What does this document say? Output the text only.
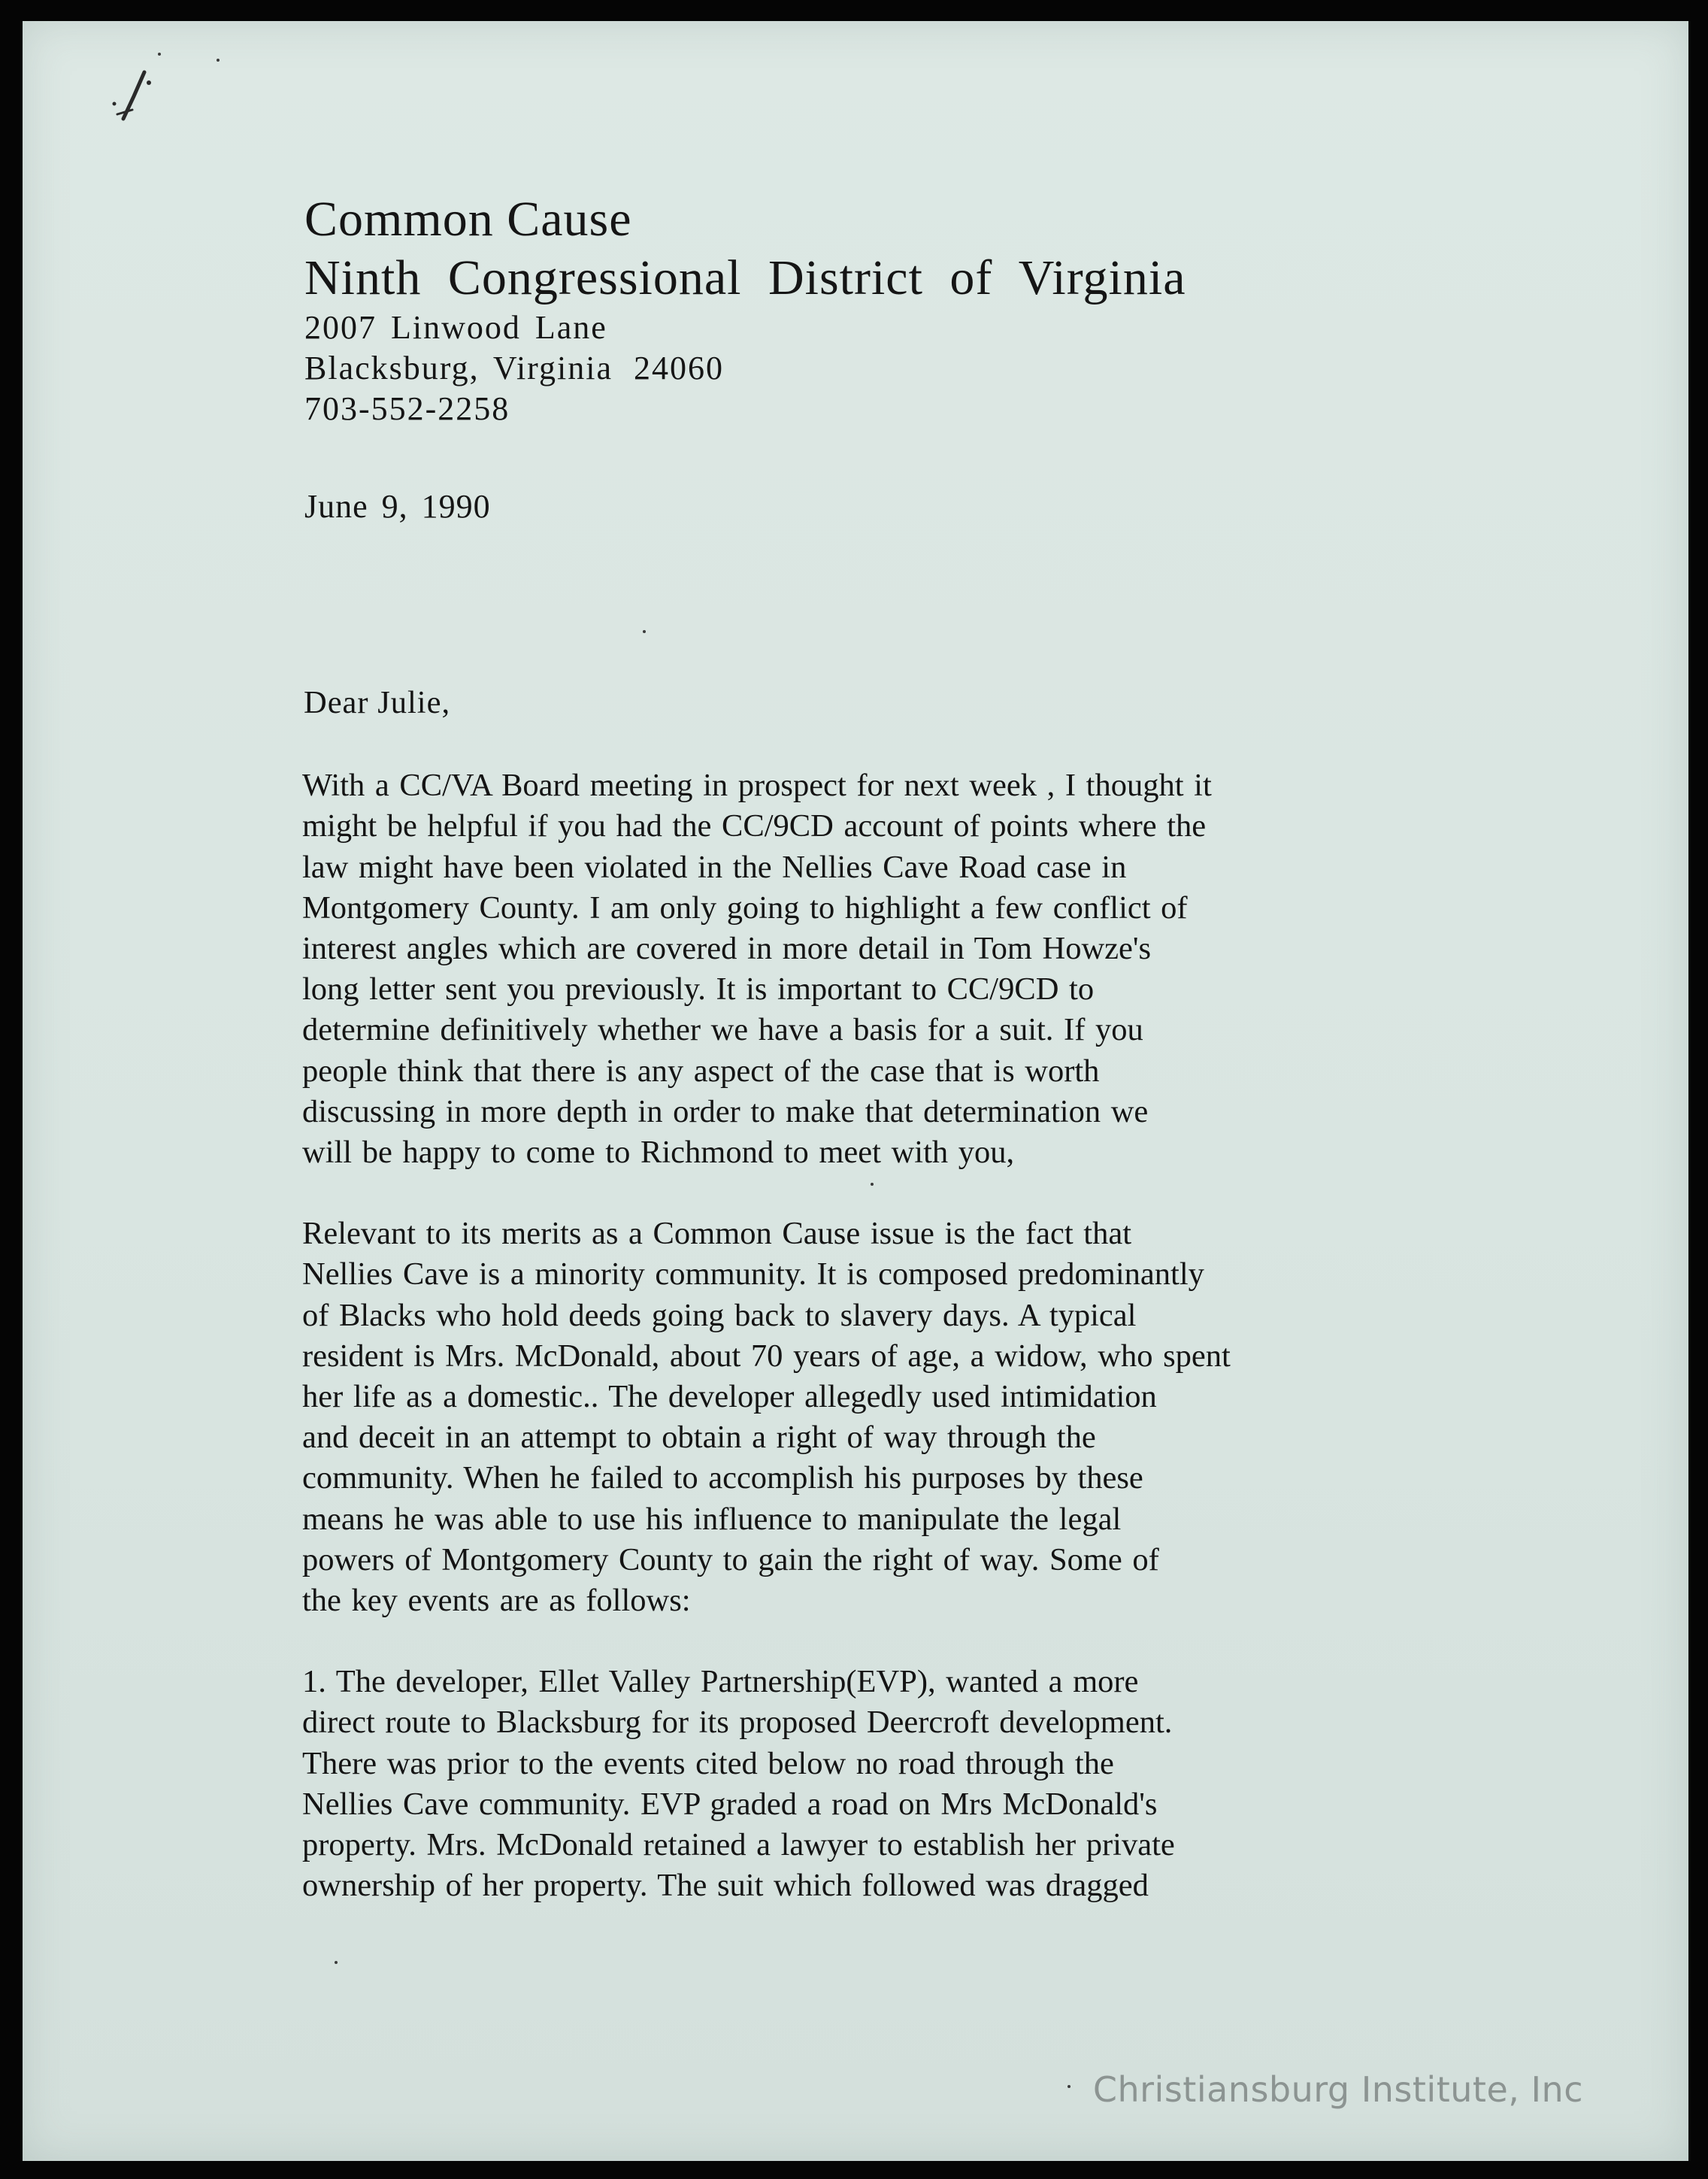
Common Cause
Ninth Congressional District of Virginia
2007 Linwood Lane
Blacksburg, Virginia 24060
703-552-2258
June 9, 1990
Dear Julie,
With a CC/VA Board meeting in prospect for next week , I thought it
might be helpful if you had the CC/9CD account of points where the
law might have been violated in the Nellies Cave Road case in
Montgomery County. I am only going to highlight a few conflict of
interest angles which are covered in more detail in Tom Howze's
long letter sent you previously. It is important to CC/9CD to
determine definitively whether we have a basis for a suit. If you
people think that there is any aspect of the case that is worth
discussing in more depth in order to make that determination we
will be happy to come to Richmond to meet with you,
Relevant to its merits as a Common Cause issue is the fact that
Nellies Cave is a minority community. It is composed predominantly
of Blacks who hold deeds going back to slavery days. A typical
resident is Mrs. McDonald, about 70 years of age, a widow, who spent
her life as a domestic.. The developer allegedly used intimidation
and deceit in an attempt to obtain a right of way through the
community. When he failed to accomplish his purposes by these
means he was able to use his influence to manipulate the legal
powers of Montgomery County to gain the right of way. Some of
the key events are as follows:
1. The developer, Ellet Valley Partnership(EVP), wanted a more
direct route to Blacksburg for its proposed Deercroft development.
There was prior to the events cited below no road through the
Nellies Cave community. EVP graded a road on Mrs McDonald's
property. Mrs. McDonald retained a lawyer to establish her private
ownership of her property. The suit which followed was dragged
Christiansburg Institute, Inc
